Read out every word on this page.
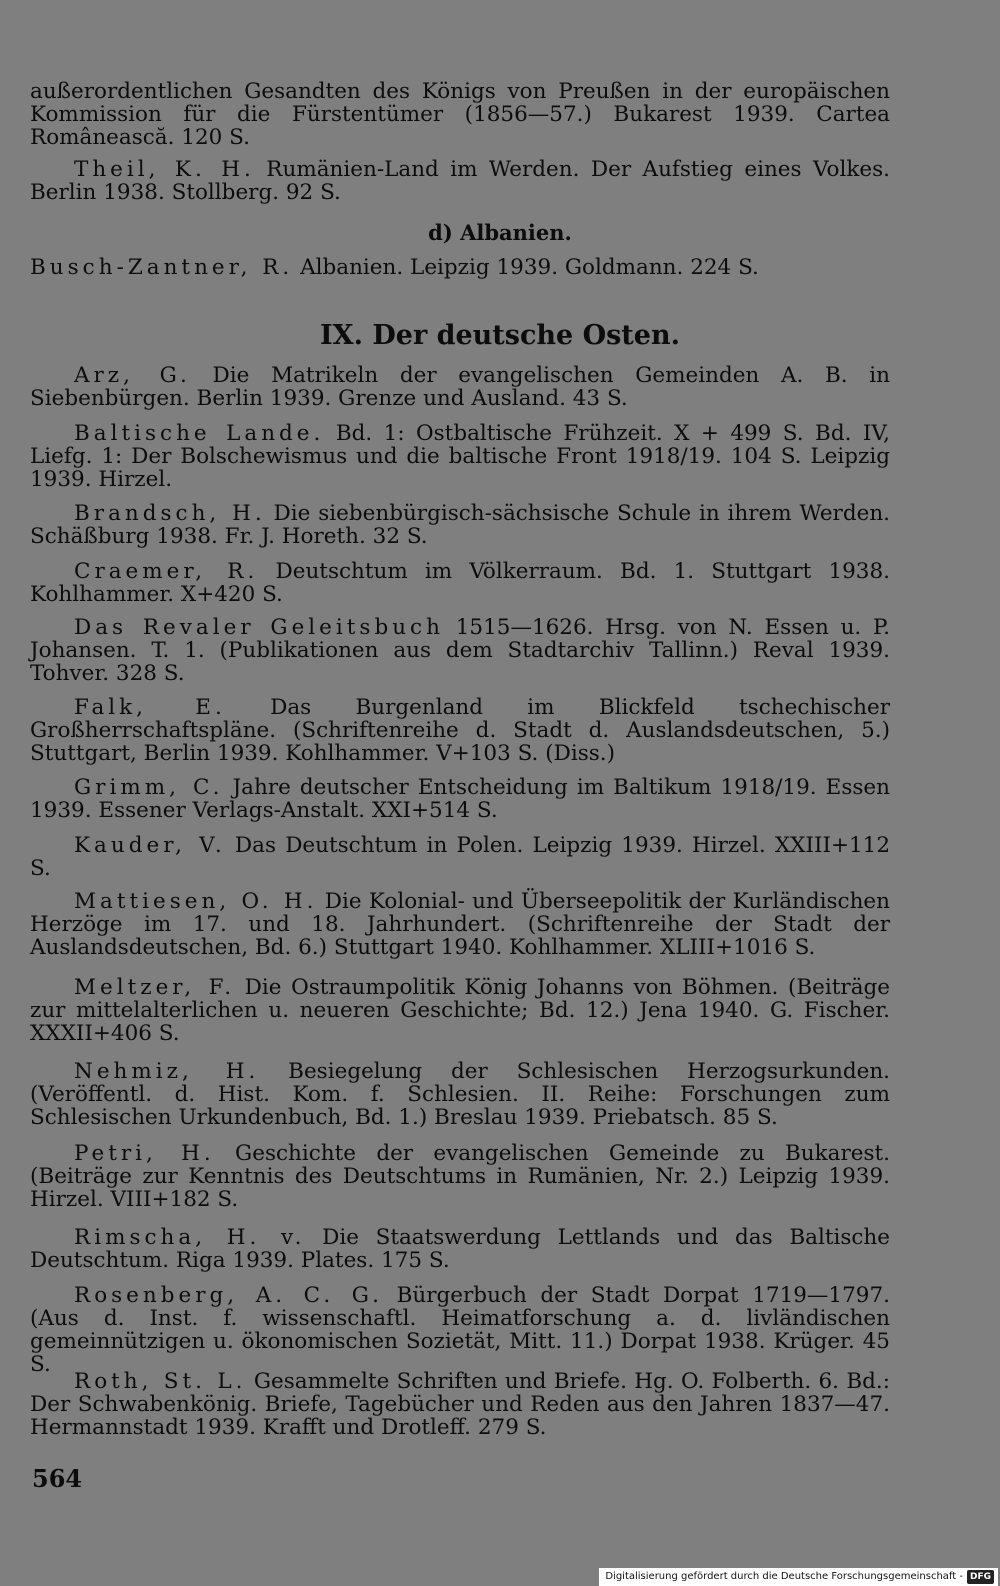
außerordentlichen Gesandten des Königs von Preußen in der europäischen Kommission für die Fürstentümer (1856—57.) Bukarest 1939. Cartea Românească. 120 S.
Theil, K. H. Rumänien-Land im Werden. Der Aufstieg eines Volkes. Berlin 1938. Stollberg. 92 S.
d) Albanien.
Busch-Zantner, R. Albanien. Leipzig 1939. Goldmann. 224 S.
IX. Der deutsche Osten.
Arz, G. Die Matrikeln der evangelischen Gemeinden A. B. in Siebenbürgen. Berlin 1939. Grenze und Ausland. 43 S.
Baltische Lande. Bd. 1: Ostbaltische Frühzeit. X + 499 S. Bd. IV, Liefg. 1: Der Bolschewismus und die baltische Front 1918/19. 104 S. Leipzig 1939. Hirzel.
Brandsch, H. Die siebenbürgisch-sächsische Schule in ihrem Werden. Schäßburg 1938. Fr. J. Horeth. 32 S.
Craemer, R. Deutschtum im Völkerraum. Bd. 1. Stuttgart 1938. Kohlhammer. X+420 S.
Das Revaler Geleitsbuch 1515—1626. Hrsg. von N. Essen u. P. Johansen. T. 1. (Publikationen aus dem Stadtarchiv Tallinn.) Reval 1939. Tohver. 328 S.
Falk, E. Das Burgenland im Blickfeld tschechischer Großherrschaftspläne. (Schriftenreihe d. Stadt d. Auslandsdeutschen, 5.) Stuttgart, Berlin 1939. Kohlhammer. V+103 S. (Diss.)
Grimm, C. Jahre deutscher Entscheidung im Baltikum 1918/19. Essen 1939. Essener Verlags-Anstalt. XXI+514 S.
Kauder, V. Das Deutschtum in Polen. Leipzig 1939. Hirzel. XXIII+112 S.
Mattiesen, O. H. Die Kolonial- und Überseepolitik der Kurländischen Herzöge im 17. und 18. Jahrhundert. (Schriftenreihe der Stadt der Auslandsdeutschen, Bd. 6.) Stuttgart 1940. Kohlhammer. XLIII+1016 S.
Meltzer, F. Die Ostraumpolitik König Johanns von Böhmen. (Beiträge zur mittelalterlichen u. neueren Geschichte; Bd. 12.) Jena 1940. G. Fischer. XXXII+406 S.
Nehmiz, H. Besiegelung der Schlesischen Herzogsurkunden. (Veröffentl. d. Hist. Kom. f. Schlesien. II. Reihe: Forschungen zum Schlesischen Urkundenbuch, Bd. 1.) Breslau 1939. Priebatsch. 85 S.
Petri, H. Geschichte der evangelischen Gemeinde zu Bukarest. (Beiträge zur Kenntnis des Deutschtums in Rumänien, Nr. 2.) Leipzig 1939. Hirzel. VIII+182 S.
Rimscha, H. v. Die Staatswerdung Lettlands und das Baltische Deutschtum. Riga 1939. Plates. 175 S.
Rosenberg, A. C. G. Bürgerbuch der Stadt Dorpat 1719—1797. (Aus d. Inst. f. wissenschaftl. Heimatforschung a. d. livländischen gemeinnützigen u. ökonomischen Sozietät, Mitt. 11.) Dorpat 1938. Krüger. 45 S.
Roth, St. L. Gesammelte Schriften und Briefe. Hg. O. Folberth. 6. Bd.: Der Schwabenkönig. Briefe, Tagebücher und Reden aus den Jahren 1837—47. Hermannstadt 1939. Krafft und Drotleff. 279 S.
564
Digitalisierung gefördert durch die Deutsche Forschungsgemeinschaft - DFG
